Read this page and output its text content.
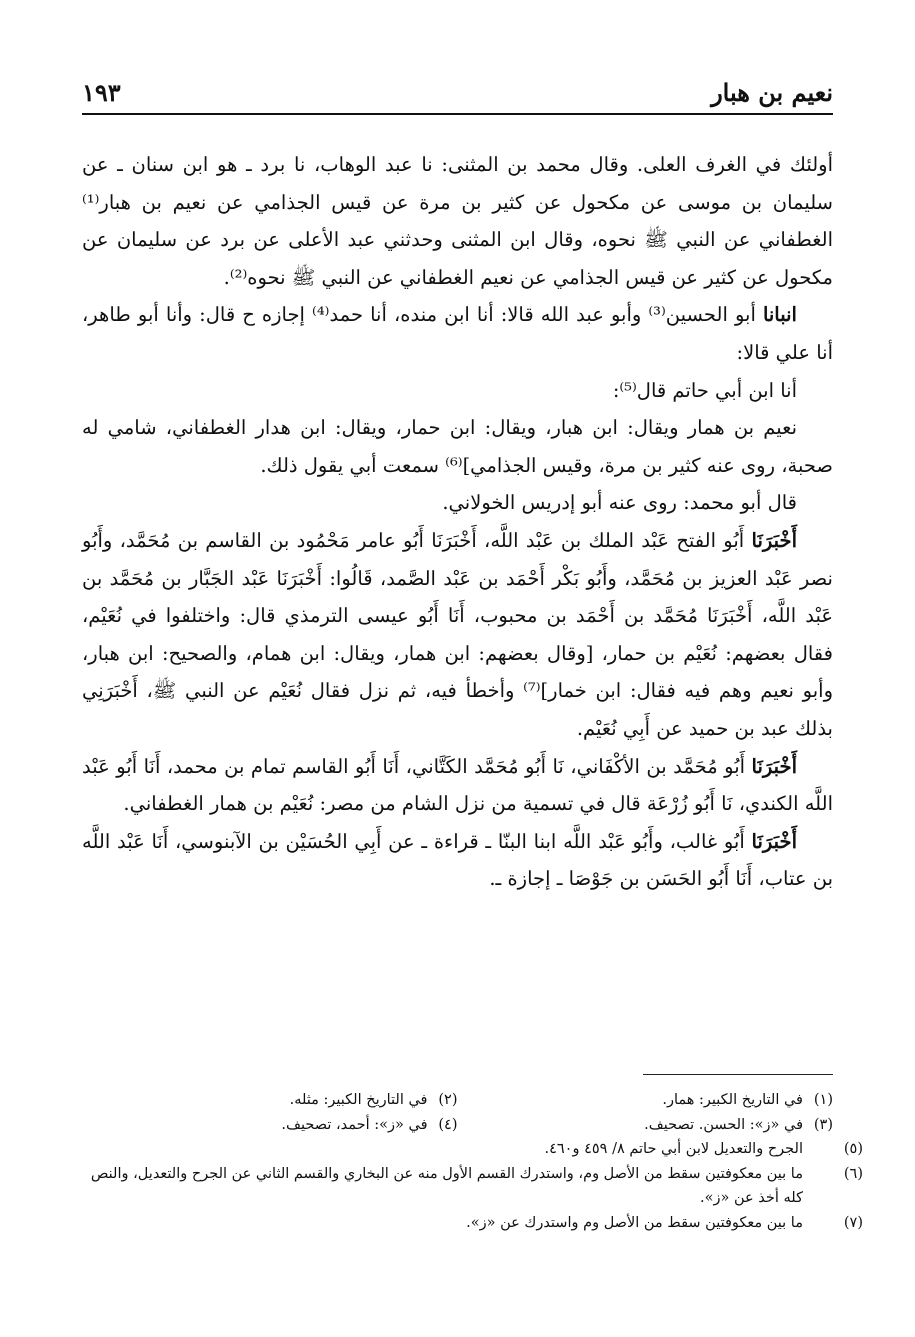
نعيم بن هبار
١٩٣

أولئك في الغرف العلى. وقال محمد بن المثنى: نا عبد الوهاب، نا برد ـ هو ابن سنان ـ عن سليمان بن موسى عن مكحول عن كثير بن مرة عن قيس الجذامي عن نعيم بن هبار⁽¹⁾ الغطفاني عن النبي ﷺ نحوه، وقال ابن المثنى وحدثني عبد الأعلى عن برد عن سليمان عن مكحول عن كثير عن قيس الجذامي عن نعيم الغطفاني عن النبي ﷺ نحوه⁽²⁾.

انبانا أبو الحسين⁽³⁾ وأبو عبد الله قالا: أنا ابن منده، أنا حمد⁽⁴⁾ إجازه ح قال: وأنا أبو طاهر، أنا علي قالا:

أنا ابن أبي حاتم قال⁽⁵⁾:

نعيم بن همار ويقال: ابن هبار، ويقال: ابن حمار، ويقال: ابن هدار الغطفاني، شامي له صحبة، روى عنه كثير بن مرة، وقيس الجذامي]⁽⁶⁾ سمعت أبي يقول ذلك.

قال أبو محمد: روى عنه أبو إدريس الخولاني.

أَخْبَرَنَا أَبُو الفتح عَبْد الملك بن عَبْد اللَّه، أَخْبَرَنَا أَبُو عامر مَحْمُود بن القاسم بن مُحَمَّد، وأَبُو نصر عَبْد العزيز بن مُحَمَّد، وأَبُو بَكْر أَحْمَد بن عَبْد الصَّمد، قَالُوا: أَخْبَرَنَا عَبْد الجَبَّار بن مُحَمَّد بن عَبْد اللَّه، أَخْبَرَنَا مُحَمَّد بن أَحْمَد بن محبوب، أَنَا أَبُو عيسى الترمذي قال: واختلفوا في نُعَيْم، فقال بعضهم: نُعَيْم بن حمار، [وقال بعضهم: ابن همار، ويقال: ابن همام، والصحيح: ابن هبار، وأبو نعيم وهم فيه فقال: ابن خمار]⁽⁷⁾ وأخطأ فيه، ثم نزل فقال نُعَيْم عن النبي ﷺ، أَخْبَرَنِي بذلك عبد بن حميد عن أَبِي نُعَيْم.

أَخْبَرَنَا أَبُو مُحَمَّد بن الأكْفَاني، نَا أَبُو مُحَمَّد الكَتَّاني، أَنَا أَبُو القاسم تمام بن محمد، أَنَا أَبُو عَبْد اللَّه الكندي، نَا أَبُو زُرْعَة قال في تسمية من نزل الشام من مصر: نُعَيْم بن همار الغطفاني.

أَخْبَرَنَا أَبُو غالب، وأَبُو عَبْد اللَّه ابنا البنّا ـ قراءة ـ عن أَبِي الحُسَيْن بن الآبنوسي، أَنَا عَبْد اللَّه بن عتاب، أَنَا أَبُو الحَسَن بن جَوْصَا ـ إجازة ـ.

(١)في التاريخ الكبير: همار.
(٢)في التاريخ الكبير: مثله.
(٣)في «ز»: الحسن. تصحيف.
(٤)في «ز»: أحمد، تصحيف.

(٥)الجرح والتعديل لابن أبي حاتم ٨/ ٤٥٩ و٤٦٠.

(٦)ما بين معكوفتين سقط من الأصل وم، واستدرك القسم الأول منه عن البخاري والقسم الثاني عن الجرح والتعديل، والنص كله أخذ عن «ز».

(٧)ما بين معكوفتين سقط من الأصل وم واستدرك عن «ز».
